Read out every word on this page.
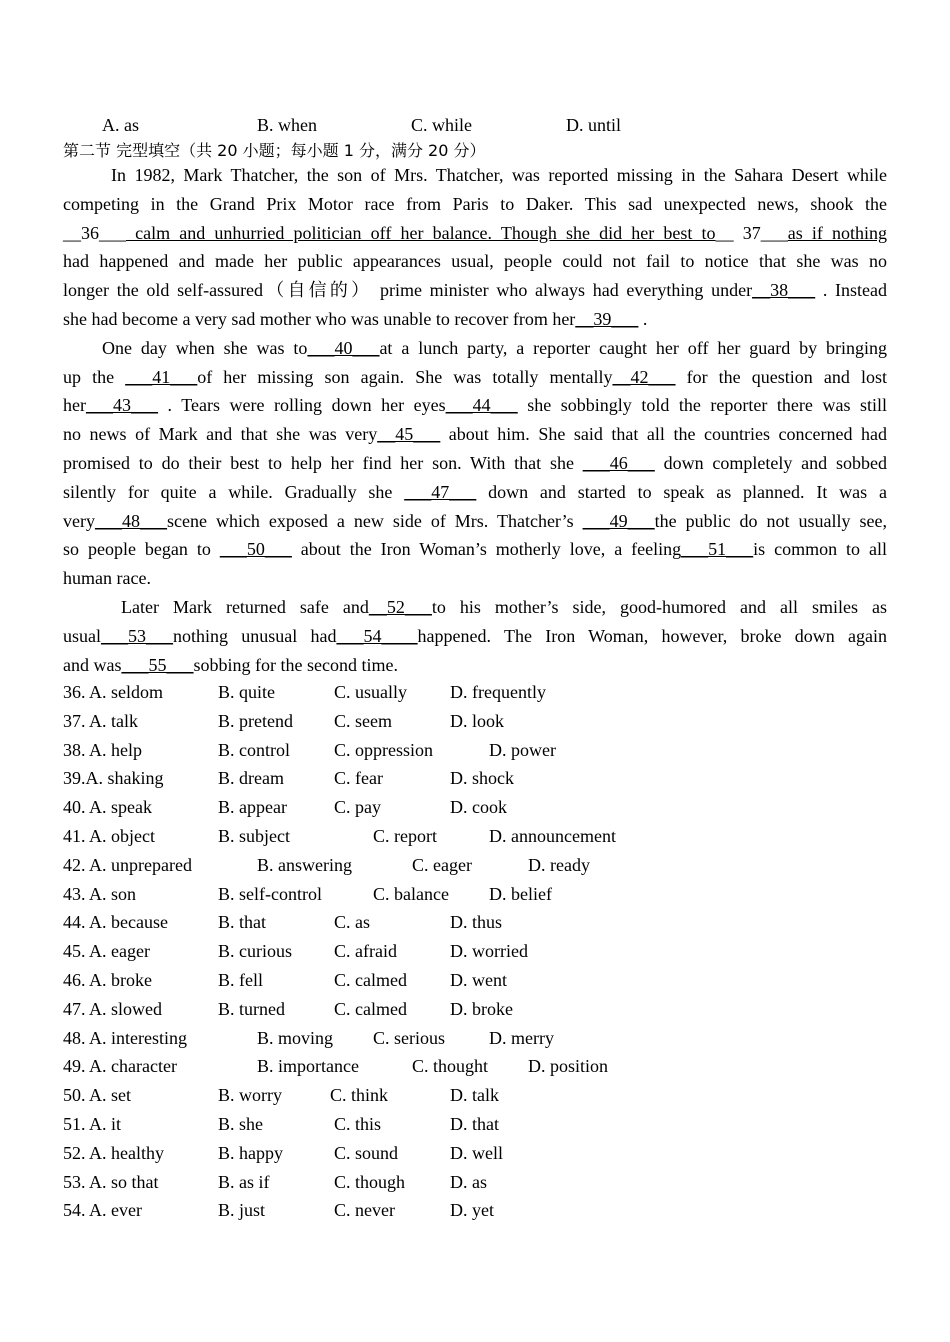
A. as	B. when	C. while	D. until
第二节 完型填空（共 20 小题；每小题 1 分，满分 20 分）
In 1982, Mark Thatcher, the son of Mrs. Thatcher, was reported missing in the Sahara Desert while
competing in the Grand Prix Motor race from Paris to Daker. This sad unexpected news, shook the
__36___ calm and unhurried politician off her balance. Though she did her best to__ 37___as if nothing
had happened and made her public appearances usual, people could not fail to notice that she was no
longer the old self-assured（自信的） prime minister who always had everything under__38___ . Instead
she had become a very sad mother who was unable to recover from her__39___ .
One day when she was to___40___at a lunch party, a reporter caught her off her guard by bringing
up the ___41___of her missing son again. She was totally mentally__42___ for the question and lost
her___43___ . Tears were rolling down her eyes___44___ she sobbingly told the reporter there was still
no news of Mark and that she was very__45___ about him. She said that all the countries concerned had
promised to do their best to help her find her son. With that she ___46___ down completely and sobbed
silently for quite a while. Gradually she ___47___ down and started to speak as planned. It was a
very___48___scene which exposed a new side of Mrs. Thatcher’s ___49___the public do not usually see,
so people began to ___50___ about the Iron Woman’s motherly love, a feeling___51___is common to all
human race.
Later Mark returned safe and__52___to his mother’s side, good-humored and all smiles as
usual___53___nothing unusual had___54____happened. The Iron Woman, however, broke down again
and was___55___sobbing for the second time.
36. A. seldom	B. quite	C. usually D. frequently
37. A. talk	B. pretend C. seem	D. look
38. A. help	B. control C. oppression	D. power
39.A. shaking	B. dream	C. fear	D. shock
40. A. speak	B. appear	C. pay	D. cook
41. A. object	B. subject	C. report	D. announcement
42. A. unprepared	B. answering	C. eager	D. ready
43. A. son	B. self-control	C. balance D. belief
44. A. because	B. that	C. as	D. thus
45. A. eager	B. curious C. afraid	D. worried
46. A. broke	B. fell	C. calmed D. went
47. A. slowed	B. turned	C. calmed D. broke
48. A. interesting	B. moving C. serious D. merry
49. A. character	B. importance	C. thought D. position
50. A. set	B. worry	C. think	D. talk
51. A. it	B. she	C. this	D. that
52. A. healthy	B. happy	C. sound	D. well
53. A. so that	B. as if	C. though D. as
54. A. ever	B. just	C. never	D. yet
